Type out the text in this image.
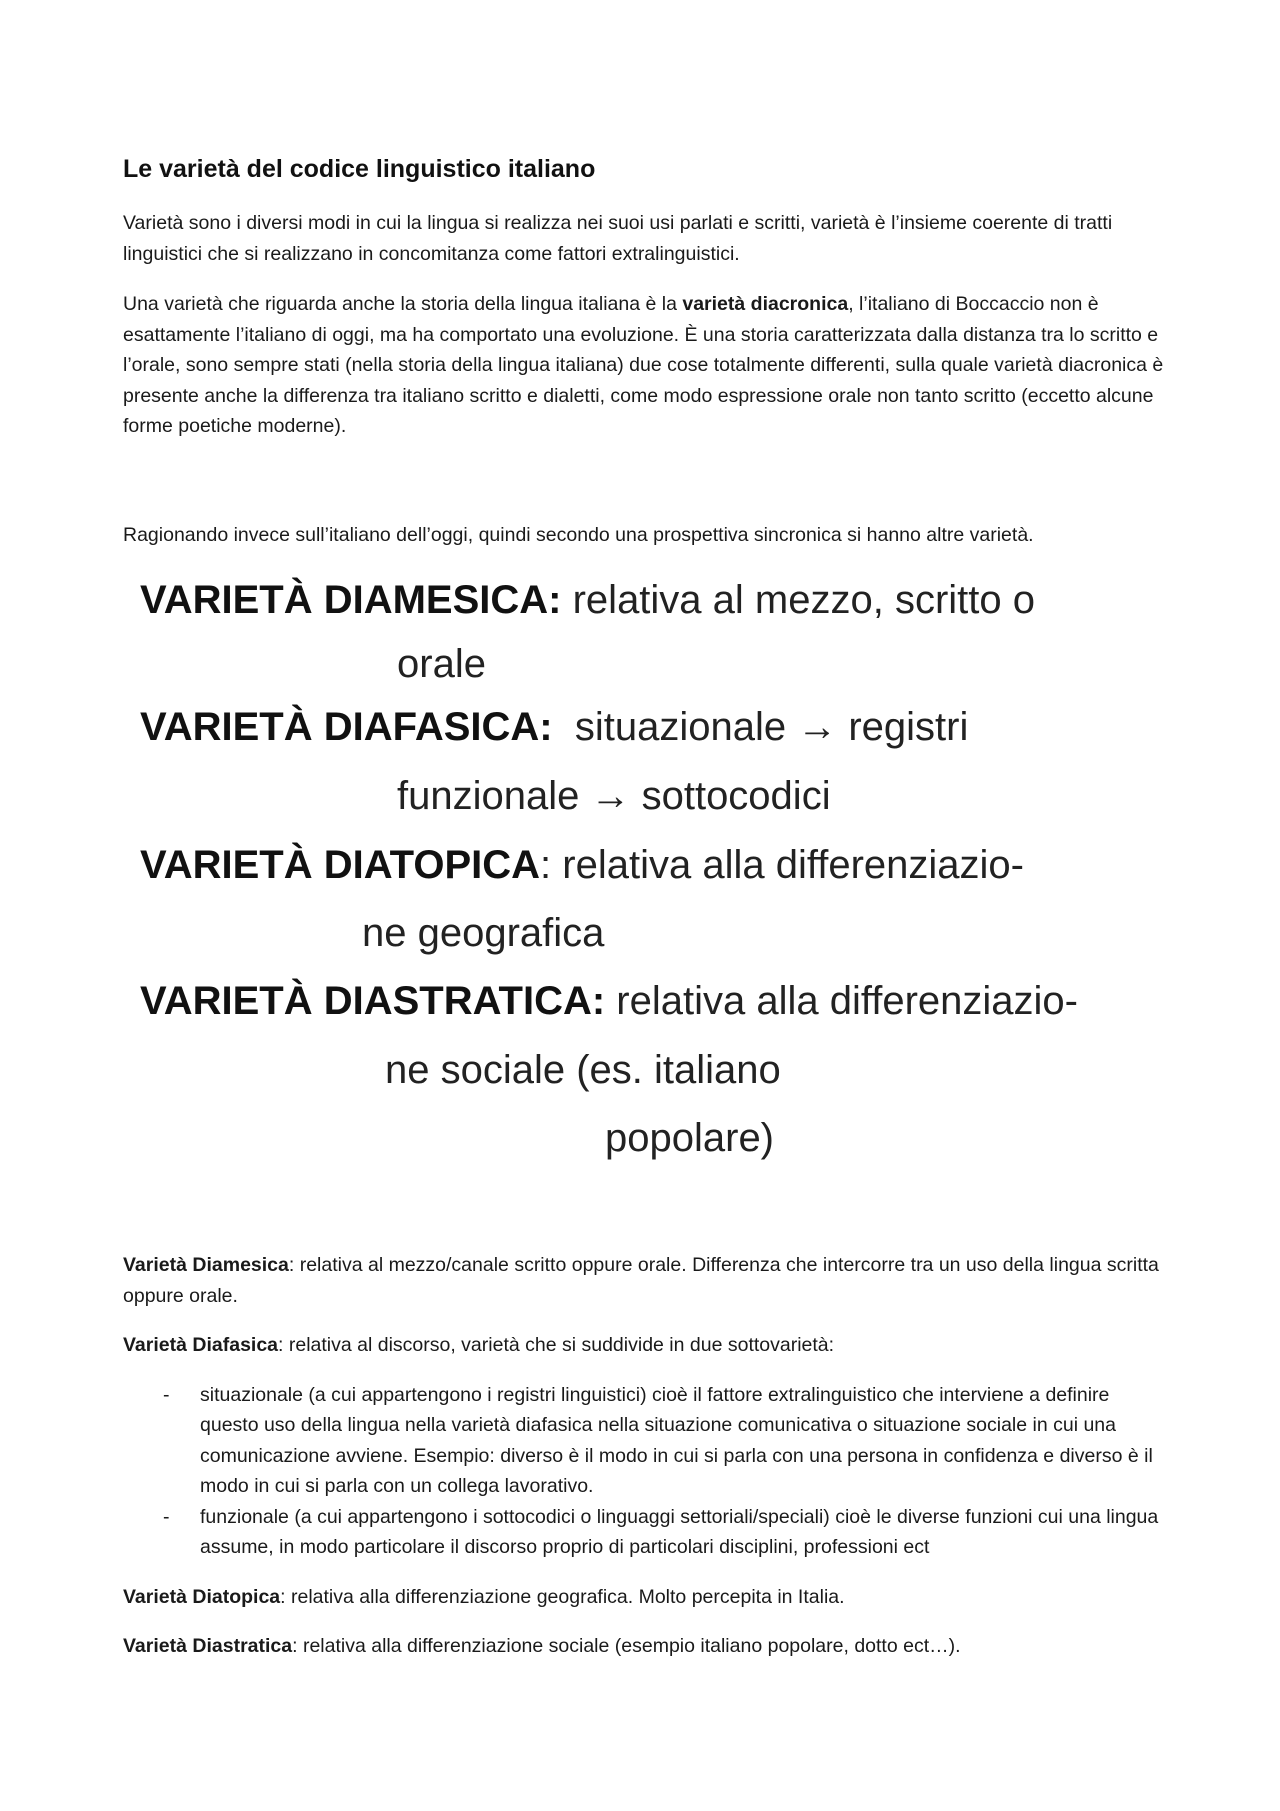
Le varietà del codice linguistico italiano

Varietà sono i diversi modi in cui la lingua si realizza nei suoi usi parlati e scritti, varietà è l’insieme coerente di tratti linguistici che si realizzano in concomitanza come fattori extralinguistici.

Una varietà che riguarda anche la storia della lingua italiana è la varietà diacronica, l’italiano di Boccaccio non è esattamente l’italiano di oggi, ma ha comportato una evoluzione. È una storia caratterizzata dalla distanza tra lo scritto e l’orale, sono sempre stati (nella storia della lingua italiana) due cose totalmente differenti, sulla quale varietà diacronica è presente anche la differenza tra italiano scritto e dialetti, come modo espressione orale non tanto scritto (eccetto alcune forme poetiche moderne).

Ragionando invece sull’italiano dell’oggi, quindi secondo una prospettiva sincronica si hanno altre varietà.

VARIETÀ DIAMESICA: relativa al mezzo, scritto o
orale
VARIETÀ DIAFASICA: situazionale → registri
funzionale → sottocodici
VARIETÀ DIATOPICA: relativa alla differenziazio-
ne geografica
VARIETÀ DIASTRATICA: relativa alla differenziazio-
ne sociale (es. italiano
popolare)

Varietà Diamesica: relativa al mezzo/canale scritto oppure orale. Differenza che intercorre tra un uso della lingua scritta oppure orale.

Varietà Diafasica: relativa al discorso, varietà che si suddivide in due sottovarietà:

- situazionale (a cui appartengono i registri linguistici) cioè il fattore extralinguistico che interviene a definire questo uso della lingua nella varietà diafasica nella situazione comunicativa o situazione sociale in cui una comunicazione avviene. Esempio: diverso è il modo in cui si parla con una persona in confidenza e diverso è il modo in cui si parla con un collega lavorativo.
- funzionale (a cui appartengono i sottocodici o linguaggi settoriali/speciali) cioè le diverse funzioni cui una lingua assume, in modo particolare il discorso proprio di particolari disciplini, professioni ect

Varietà Diatopica: relativa alla differenziazione geografica. Molto percepita in Italia.

Varietà Diastratica: relativa alla differenziazione sociale (esempio italiano popolare, dotto ect…).
